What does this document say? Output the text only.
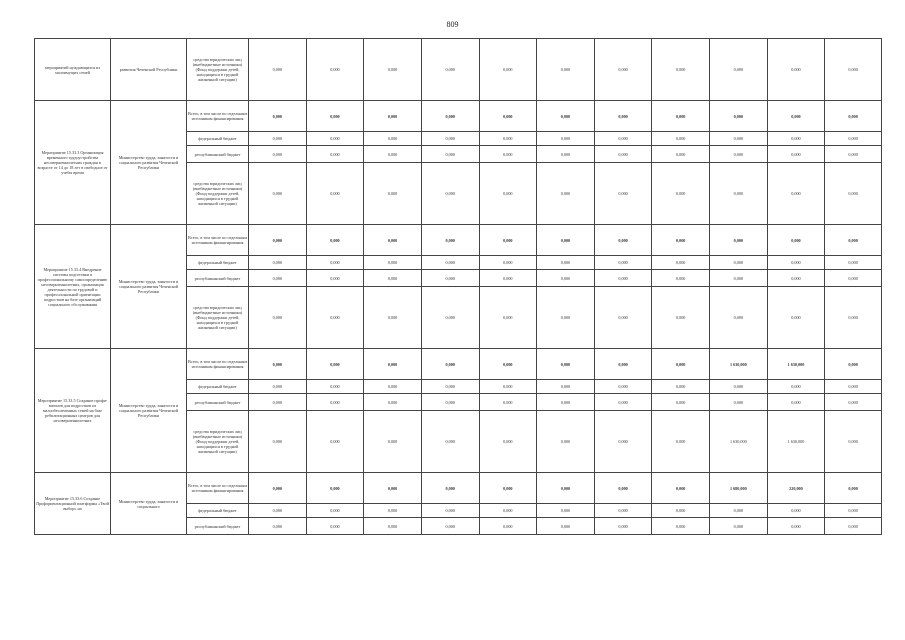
809
мероприятий нуждающихся из малоимущих семей	развития Чеченской Республики	средства юридических лиц (внебюджетные источники) (Фонд поддержки детей, находящихся в трудной жизненной ситуации)	0,000	0,000	0,000	0,000	0,000	0,000	0,000	0,000	0,000	0,000	0,000
Мероприятие 15.33.3 Организация временного трудоустройства несовершеннолетних граждан в возрасте от 14 до 18 лет в свободное от учебы время	Министерство труда, занятости и социального развития Чеченской Республики	Всего, в том числе по отдельным источникам финансирования	0,000	0,000	0,000	0,000	0,000	0,000	0,000	0,000	0,000	0,000	0,000
		федеральный бюджет	0,000	0,000	0,000	0,000	0,000	0,000	0,000	0,000	0,000	0,000	0,000
		республиканский бюджет	0,000	0,000	0,000	0,000	0,000	0,000	0,000	0,000	0,000	0,000	0,000
		средства юридических лиц (внебюджетные источники) (Фонд поддержки детей, находящихся в трудной жизненной ситуации)	0,000	0,000	0,000	0,000	0,000	0,000	0,000	0,000	0,000	0,000	0,000
Мероприятие 15.33.4 Внедрение системы подготовки к профессиональному самоопределению несовершеннолетних, организация деятельности по трудовой и профессиональной ориентации подростков на базе организаций социального обслуживания	Министерство труда, занятости и социального развития Чеченской Республики	Всего, в том числе по отдельным источникам финансирования	0,000	0,000	0,000	0,000	0,000	0,000	0,000	0,000	0,000	0,000	0,000
		федеральный бюджет	0,000	0,000	0,000	0,000	0,000	0,000	0,000	0,000	0,000	0,000	0,000
		республиканский бюджет	0,000	0,000	0,000	0,000	0,000	0,000	0,000	0,000	0,000	0,000	0,000
		средства юридических лиц (внебюджетные источники) (Фонд поддержки детей, находящихся в трудной жизненной ситуации)	0,000	0,000	0,000	0,000	0,000	0,000	0,000	0,000	0,000	0,000	0,000
Мероприятие 15.33.5 Создание профи-вагонов для подростков из малообеспеченных семей на базе ребилитационных центров для несовершеннолетних	Министерство труда, занятости и социального развития Чеченской Республики	Всего, в том числе по отдельным источникам финансирования	0,000	0,000	0,000	0,000	0,000	0,000	0,000	0,000	1 630,000	1 630,000	0,000
		федеральный бюджет	0,000	0,000	0,000	0,000	0,000	0,000	0,000	0,000	0,000	0,000	0,000
		республиканский бюджет	0,000	0,000	0,000	0,000	0,000	0,000	0,000	0,000	0,000	0,000	0,000
		средства юридических лиц (внебюджетные источники) (Фонд поддержки детей, находящихся в трудной жизненной ситуации)	0,000	0,000	0,000	0,000	0,000	0,000	0,000	0,000	1 630,000	1 630,000	0,000
Мероприятие 15.33.6 Создание Профориентационной платформы «Твой выбор» на	Министерство труда, занятости и социального	Всего, в том числе по отдельным источникам финансирования	0,000	0,000	0,000	0,000	0,000	0,000	0,000	0,000	1 680,000	220,000	0,000
		федеральный бюджет	0,000	0,000	0,000	0,000	0,000	0,000	0,000	0,000	0,000	0,000	0,000
		республиканский бюджет	0,000	0,000	0,000	0,000	0,000	0,000	0,000	0,000	0,000	0,000	0,000
